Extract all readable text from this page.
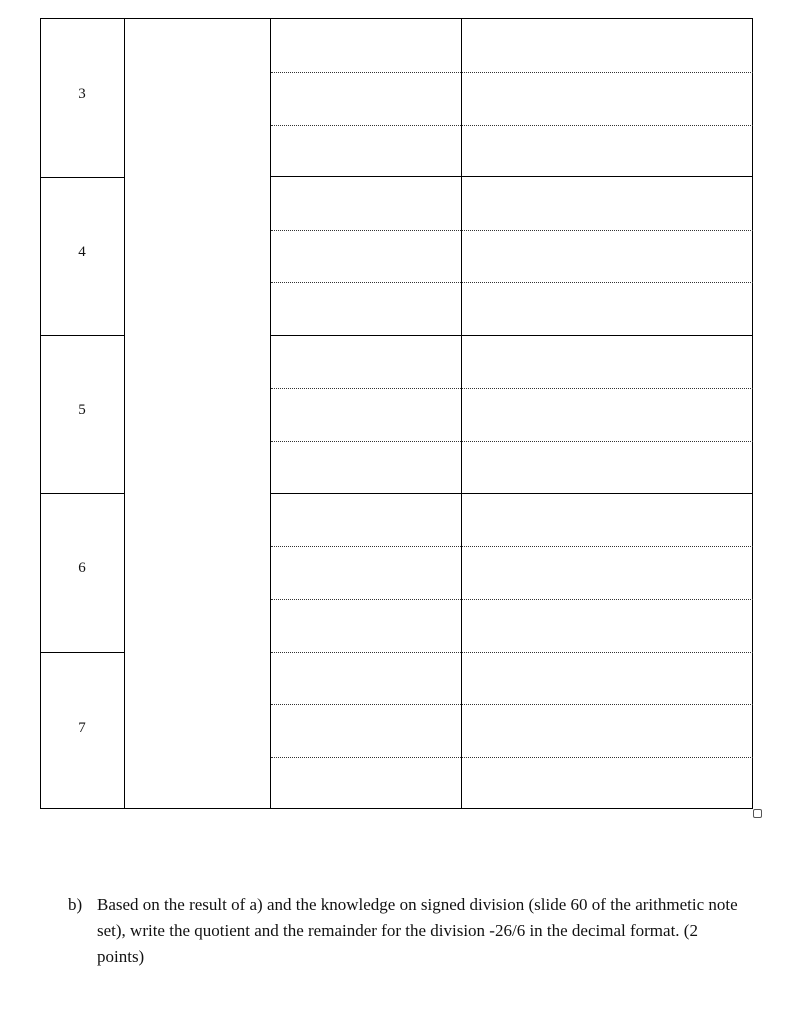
3
4
5
6
7
b) Based on the result of a) and the knowledge on signed division (slide 60 of the arithmetic note set), write the quotient and the remainder for the division -26/6 in the decimal format. (2 points)
